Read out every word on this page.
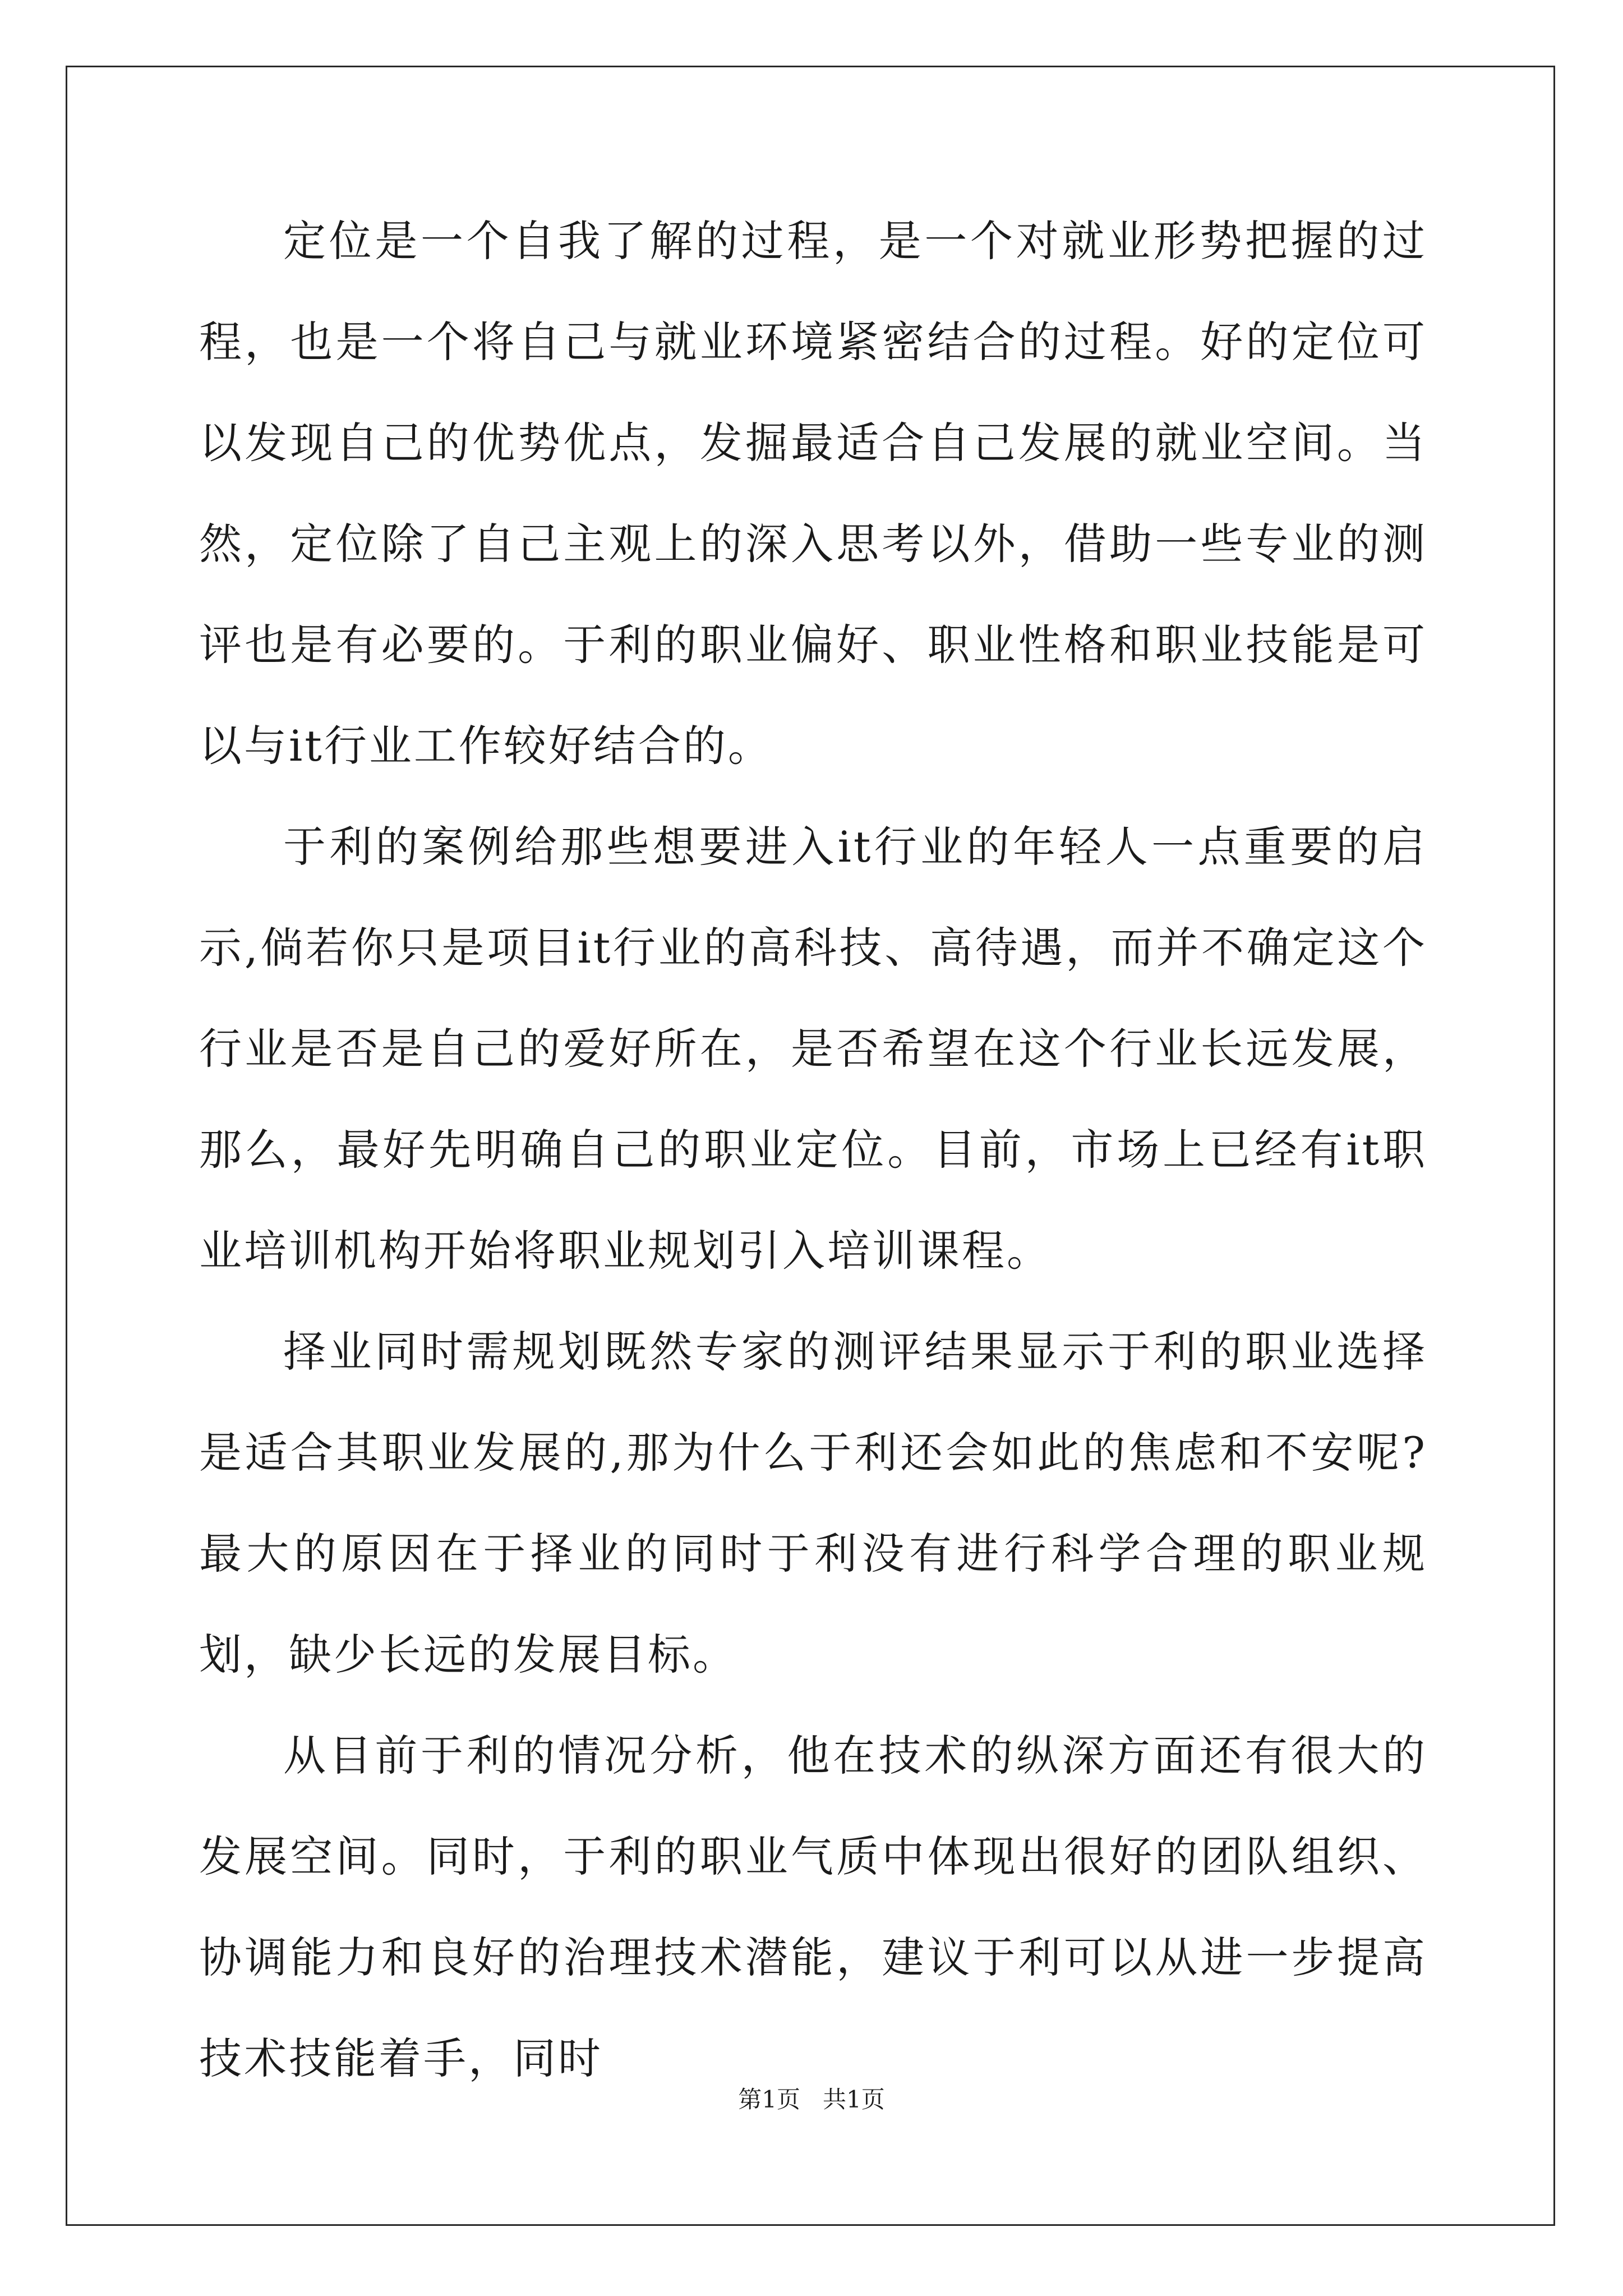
定位是一个自我了解的过程，是一个对就业形势把握的过程，也是一个将自己与就业环境紧密结合的过程。好的定位可以发现自己的优势优点，发掘最适合自己发展的就业空间。当然，定位除了自己主观上的深入思考以外，借助一些专业的测评也是有必要的。于利的职业偏好、职业性格和职业技能是可以与it行业工作较好结合的。

于利的案例给那些想要进入it行业的年轻人一点重要的启示,倘若你只是项目it行业的高科技、高待遇，而并不确定这个行业是否是自己的爱好所在，是否希望在这个行业长远发展，那么，最好先明确自己的职业定位。目前，市场上已经有it职业培训机构开始将职业规划引入培训课程。

择业同时需规划既然专家的测评结果显示于利的职业选择是适合其职业发展的,那为什么于利还会如此的焦虑和不安呢?最大的原因在于择业的同时于利没有进行科学合理的职业规划，缺少长远的发展目标。

从目前于利的情况分析，他在技术的纵深方面还有很大的发展空间。同时，于利的职业气质中体现出很好的团队组织、协调能力和良好的治理技术潜能，建议于利可以从进一步提高技术技能着手，同时

第1页 共1页
